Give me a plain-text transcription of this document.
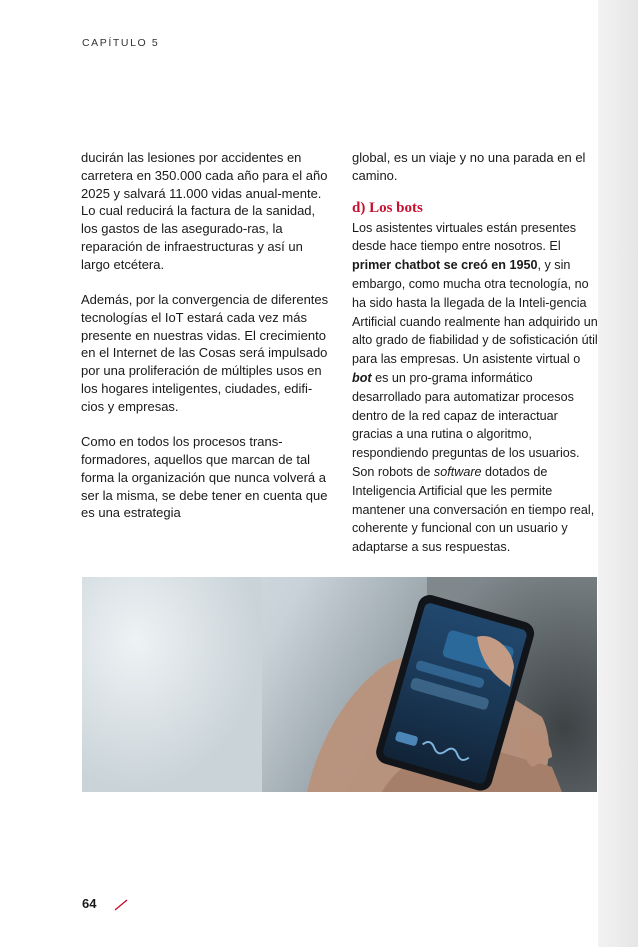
CAPÍTULO 5

ducirán las lesiones por accidentes en carretera en 350.000 cada año para el año 2025 y salvará 11.000 vidas anual-mente. Lo cual reducirá la factura de la sanidad, los gastos de las asegurado-ras, la reparación de infraestructuras y así un largo etcétera.

Además, por la convergencia de diferentes tecnologías el IoT estará cada vez más presente en nuestras vidas. El crecimiento en el Internet de las Cosas será impulsado por una proliferación de múltiples usos en los hogares inteligentes, ciudades, edifi-cios y empresas.

Como en todos los procesos trans-formadores, aquellos que marcan de tal forma la organización que nunca volverá a ser la misma, se debe tener en cuenta que es una estrategia

global, es un viaje y no una parada en el camino.

d) Los bots

Los asistentes virtuales están presentes desde hace tiempo entre nosotros. El primer chatbot se creó en 1950, y sin embargo, como mucha otra tecnología, no ha sido hasta la llegada de la Inteli-gencia Artificial cuando realmente han adquirido un alto grado de fiabilidad y de sofisticación útil para las empresas. Un asistente virtual o bot es un pro-grama informático desarrollado para automatizar procesos dentro de la red capaz de interactuar gracias a una rutina o algoritmo, respondiendo preguntas de los usuarios. Son robots de software dotados de Inteligencia Artificial que les permite mantener una conversación en tiempo real, coherente y funcional con un usuario y adaptarse a sus respuestas.

64
